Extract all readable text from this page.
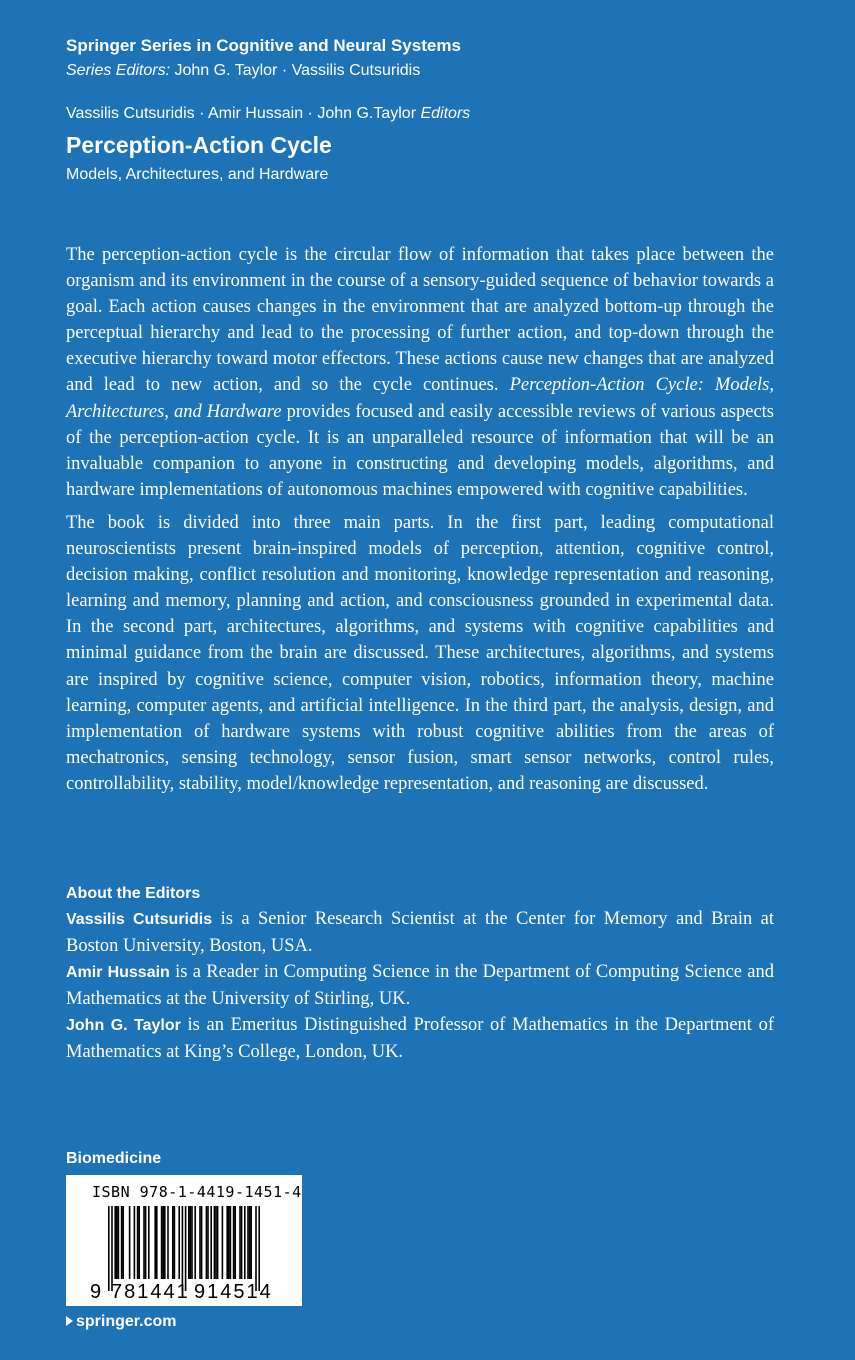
Springer Series in Cognitive and Neural Systems
Series Editors: John G. Taylor · Vassilis Cutsuridis
Vassilis Cutsuridis · Amir Hussain · John G.Taylor Editors
Perception-Action Cycle
Models, Architectures, and Hardware

The perception-action cycle is the circular flow of information that takes place between the organism and its environment in the course of a sensory-guided sequence of behavior towards a goal. Each action causes changes in the environment that are analyzed bottom-up through the perceptual hierarchy and lead to the processing of further action, and top-down through the executive hierarchy toward motor effectors. These actions cause new changes that are analyzed and lead to new action, and so the cycle continues. Perception-Action Cycle: Models, Architectures, and Hardware provides focused and easily accessible reviews of various aspects of the perception-action cycle. It is an unparalleled resource of information that will be an invaluable companion to anyone in constructing and developing models, algorithms, and hardware implementations of autonomous machines empowered with cognitive capabilities.

The book is divided into three main parts. In the first part, leading computational neuroscientists present brain-inspired models of perception, attention, cognitive control, decision making, conflict resolution and monitoring, knowledge representation and reasoning, learning and memory, planning and action, and consciousness grounded in experimental data. In the second part, architectures, algorithms, and systems with cognitive capabilities and minimal guidance from the brain are discussed. These architectures, algorithms, and systems are inspired by cognitive science, computer vision, robotics, information theory, machine learning, computer agents, and artificial intelligence. In the third part, the analysis, design, and implementation of hardware systems with robust cognitive abilities from the areas of mechatronics, sensing technology, sensor fusion, smart sensor networks, control rules, controllability, stability, model/knowledge representation, and reasoning are discussed.

About the Editors

Vassilis Cutsuridis is a Senior Research Scientist at the Center for Memory and Brain at Boston University, Boston, USA.

Amir Hussain is a Reader in Computing Science in the Department of Computing Science and Mathematics at the University of Stirling, UK.

John G. Taylor is an Emeritus Distinguished Professor of Mathematics in the Department of Mathematics at King’s College, London, UK.

Biomedicine
ISBN 978-1-4419-1451-4
9 781441 914514
springer.com
